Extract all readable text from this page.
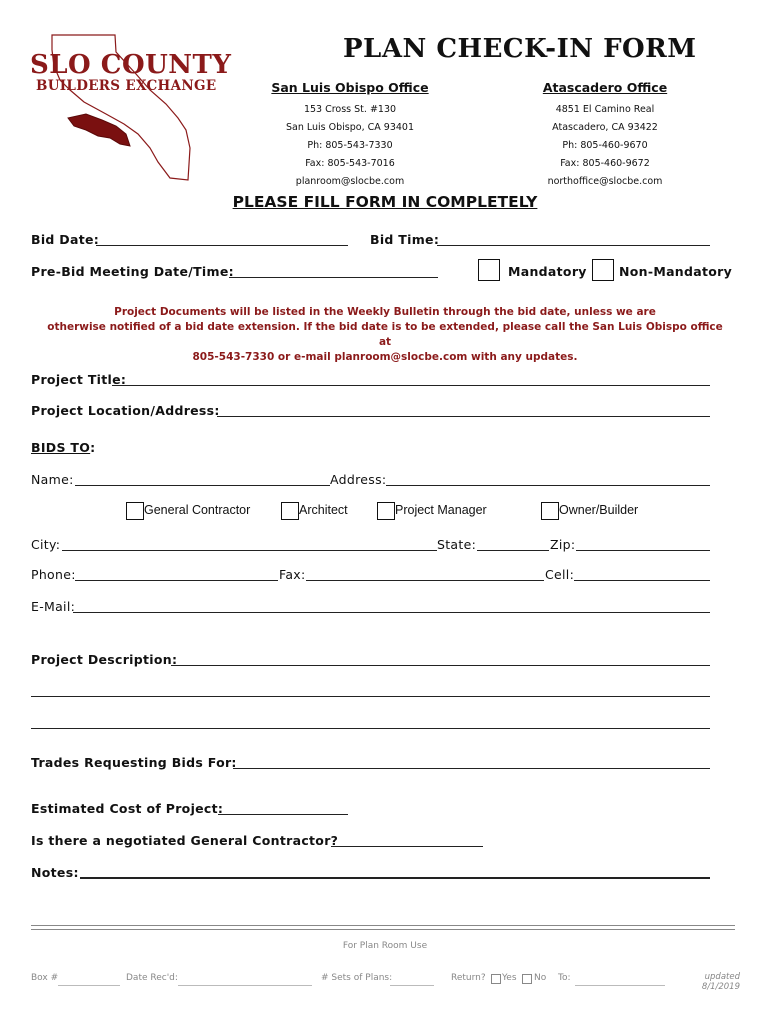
SLO COUNTY
BUILDERS EXCHANGE
PLAN CHECK-IN FORM
San Luis Obispo Office
153 Cross St. #130
San Luis Obispo, CA 93401
Ph: 805-543-7330
Fax: 805-543-7016
planroom@slocbe.com
Atascadero Office
4851 El Camino Real
Atascadero, CA 93422
Ph: 805-460-9670
Fax: 805-460-9672
northoffice@slocbe.com
PLEASE FILL FORM IN COMPLETELY
Bid Date:	Bid Time:
Pre-Bid Meeting Date/Time:	Mandatory	Non-Mandatory
Project Documents will be listed in the Weekly Bulletin through the bid date, unless we are
otherwise notified of a bid date extension. If the bid date is to be extended, please call the San Luis Obispo office at
805-543-7330 or e-mail planroom@slocbe.com with any updates.
Project Title:
Project Location/Address:
BIDS TO:
Name:	Address:
General Contractor	Architect	Project Manager	Owner/Builder
City:	State:	Zip:
Phone:	Fax:	Cell:
E-Mail:
Project Description:
Trades Requesting Bids For:
Estimated Cost of Project:
Is there a negotiated General Contractor?
Notes:
For Plan Room Use
Box #	Date Rec'd:	# Sets of Plans:	Return? Yes No To:	updated
8/1/2019
